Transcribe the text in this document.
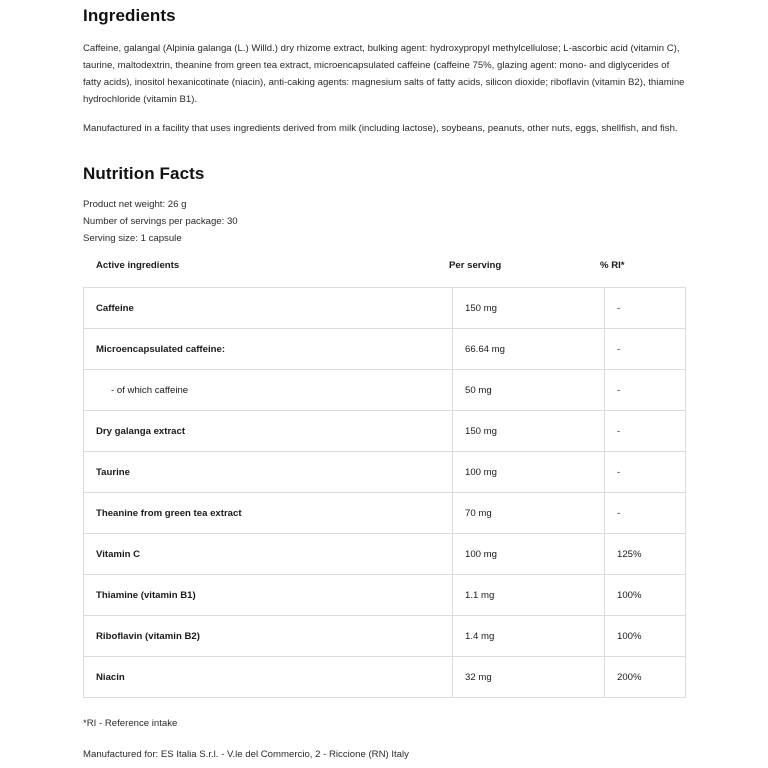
Ingredients

Caffeine, galangal (Alpinia galanga (L.) Willd.) dry rhizome extract, bulking agent: hydroxypropyl methylcellulose; L-ascorbic acid (vitamin C), taurine, maltodextrin, theanine from green tea extract, microencapsulated caffeine (caffeine 75%, glazing agent: mono- and diglycerides of fatty acids), inositol hexanicotinate (niacin), anti-caking agents: magnesium salts of fatty acids, silicon dioxide; riboflavin (vitamin B2), thiamine hydrochloride (vitamin B1).

Manufactured in a facility that uses ingredients derived from milk (including lactose), soybeans, peanuts, other nuts, eggs, shellfish, and fish.

Nutrition Facts
Product net weight: 26 g
Number of servings per package: 30
Serving size: 1 capsule
Active ingredients	Per serving	% RI*
Caffeine	150 mg	-
Microencapsulated caffeine:	66.64 mg	-
- of which caffeine	50 mg	-
Dry galanga extract	150 mg	-
Taurine	100 mg	-
Theanine from green tea extract	70 mg	-
Vitamin C	100 mg	125%
Thiamine (vitamin B1)	1.1 mg	100%
Riboflavin (vitamin B2)	1.4 mg	100%
Niacin	32 mg	200%
*RI - Reference intake
Manufactured for: ES Italia S.r.l. - V.le del Commercio, 2 - Riccione (RN) Italy
